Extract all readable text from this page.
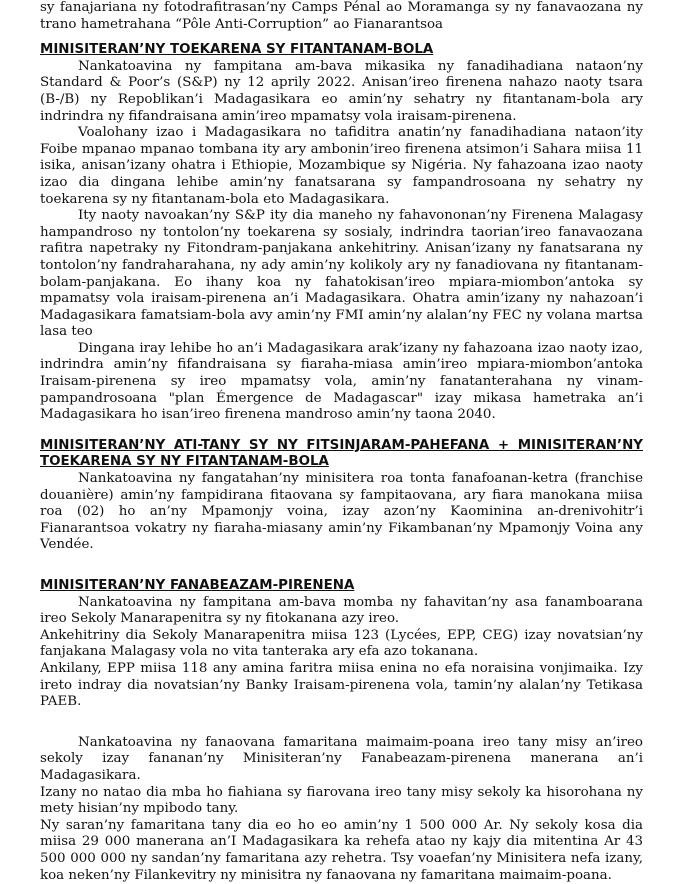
sy fanajariana ny fotodrafitrasan’ny Camps Pénal ao Moramanga sy ny fanavaozana ny trano hametrahana “Pôle Anti-Corruption” ao Fianarantsoa

MINISITERAN’NY TOEKARENA SY FITANTANAM-BOLA

Nankatoavina ny fampitana am-bava mikasika ny fanadihadiana nataon’ny Standard & Poor’s (S&P) ny 12 aprily 2022. Anisan’ireo firenena nahazo naoty tsara (B-/B) ny Repoblikan’i Madagasikara eo amin’ny sehatry ny fitantanam-bola ary indrindra ny fifandraisana amin’ireo mpamatsy vola iraisam-pirenena.

Voalohany izao i Madagasikara no tafiditra anatin’ny fanadihadiana nataon’ity Foibe mpanao mpanao tombana ity ary ambonin’ireo firenena atsimon’i Sahara miisa 11 isika, anisan’izany ohatra i Ethiopie, Mozambique sy Nigéria. Ny fahazoana izao naoty izao dia dingana lehibe amin’ny fanatsarana sy fampandrosoana ny sehatry ny toekarena sy ny fitantanam-bola eto Madagasikara.

Ity naoty navoakan’ny S&P ity dia maneho ny fahavononan’ny Firenena Malagasy hampandroso ny tontolon’ny toekarena sy sosialy, indrindra taorian’ireo fanavaozana rafitra napetraky ny Fitondram-panjakana ankehitriny. Anisan’izany ny fanatsarana ny tontolon’ny fandraharahana, ny ady amin’ny kolikoly ary ny fanadiovana ny fitantanam-bolam-panjakana. Eo ihany koa ny fahatokisan’ireo mpiara-miombon’antoka sy mpamatsy vola iraisam-pirenena an’i Madagasikara. Ohatra amin’izany ny nahazoan’i Madagasikara famatsiam-bola avy amin’ny FMI amin’ny alalan’ny FEC ny volana martsa lasa teo

Dingana iray lehibe ho an’i Madagasikara arak’izany ny fahazoana izao naoty izao, indrindra amin’ny fifandraisana sy fiaraha-miasa amin’ireo mpiara-miombon’antoka Iraisam-pirenena sy ireo mpamatsy vola, amin’ny fanatanterahana ny vinam-pampandrosoana "plan Émergence de Madagascar" izay mikasa hametraka an’i Madagasikara ho isan’ireo firenena mandroso amin’ny taona 2040.

MINISITERAN’NY ATI-TANY SY NY FITSINJARAM-PAHEFANA + MINISITERAN’NY TOEKARENA SY NY FITANTANAM-BOLA

Nankatoavina ny fangatahan’ny minisitera roa tonta fanafoanan-ketra (franchise douanière) amin’ny fampidirana fitaovana sy fampitaovana, ary fiara manokana miisa roa (02) ho an’ny Mpamonjy voina, izay azon’ny Kaominina an-drenivohitr’i Fianarantsoa vokatry ny fiaraha-miasany amin’ny Fikambanan’ny Mpamonjy Voina any Vendée.

MINISITERAN’NY FANABEAZAM-PIRENENA

Nankatoavina ny fampitana am-bava momba ny fahavitan’ny asa fanamboarana ireo Sekoly Manarapenitra sy ny fitokanana azy ireo.

Ankehitriny dia Sekoly Manarapenitra miisa 123 (Lycées, EPP, CEG) izay novatsian’ny fanjakana Malagasy vola no vita tanteraka ary efa azo tokanana.

Ankilany, EPP miisa 118 any amina faritra miisa enina no efa noraisina vonjimaika. Izy ireto indray dia novatsian’ny Banky Iraisam-pirenena vola, tamin’ny alalan’ny Tetikasa PAEB.

Nankatoavina ny fanaovana famaritana maimaim-poana ireo tany misy an’ireo sekoly izay fananan’ny Minisiteran’ny Fanabeazam-pirenena manerana an’i Madagasikara.

Izany no natao dia mba ho fiahiana sy fiarovana ireo tany misy sekoly ka hisorohana ny mety hisian’ny mpibodo tany.

Ny saran’ny famaritana tany dia eo ho eo amin’ny 1 500 000 Ar. Ny sekoly kosa dia miisa 29 000 manerana an’I Madagasikara ka rehefa atao ny kajy dia mitentina Ar 43 500 000 000 ny sandan’ny famaritana azy rehetra. Tsy voaefan’ny Minisitera nefa izany, koa neken’ny Filankevitry ny minisitra ny fanaovana ny famaritana maimaim-poana.
